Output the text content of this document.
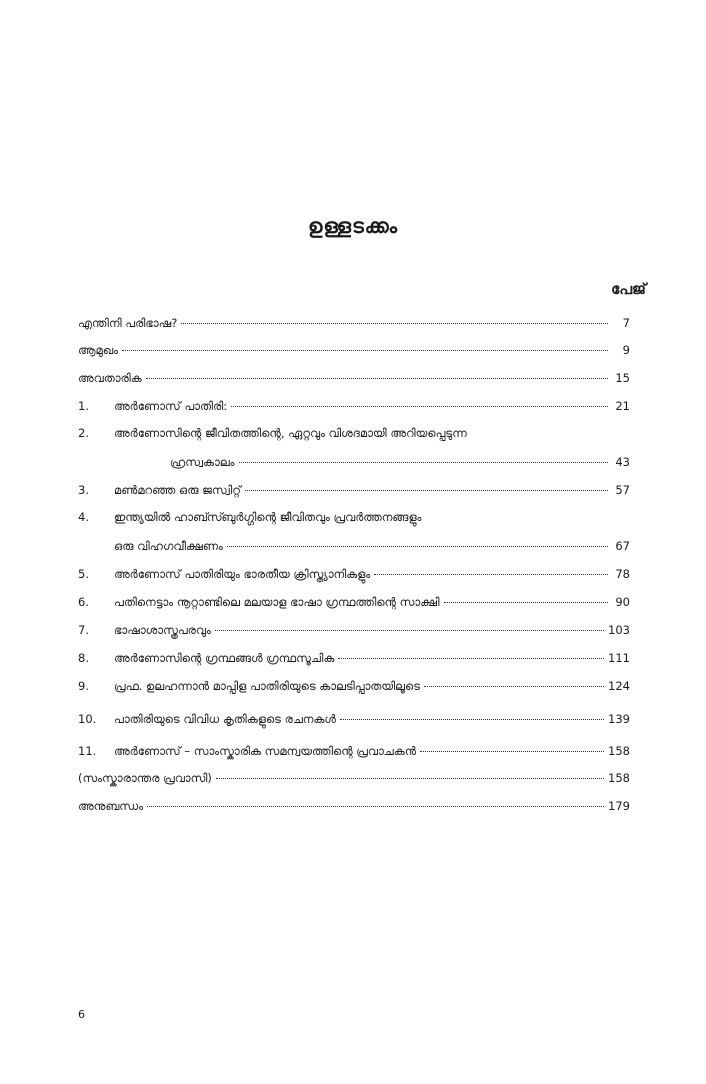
ഉള്ളടക്കം
പേജ്
എന്തിനി പരിഭാഷ?	7
ആമുഖം	9
അവതാരിക	15
1.	അർണോസ് പാതിരി:	21
2.	അർണോസിന്റെ ജീവിതത്തിന്റെ, ഏറ്റവും വിശദമായി അറിയപ്പെടുന്ന
ഹ്രസ്വകാലം	43
3.	മൺമറഞ്ഞ ഒരു ജസ്വിറ്റ്	57
4.	ഇന്ത്യയിൽ ഹാബ്സ്ബുർഗ്ഗിന്റെ ജീവിതവും പ്രവർത്തനങ്ങളും
ഒരു വിഹഗവീക്ഷണം	67
5.	അർണോസ് പാതിരിയും ഭാരതീയ ക്രിസ്ത്യാനികളും	78
6.	പതിനെട്ടാം നൂറ്റാണ്ടിലെ മലയാള ഭാഷാ ഗ്രന്ഥത്തിന്റെ സാക്ഷി	90
7.	ഭാഷാശാസ്ത്രപരവും	103
8.	അർണോസിന്റെ ഗ്രന്ഥങ്ങൾ ഗ്രന്ഥസൂചിക	111
9.	പ്രഫ. ഉലഹന്നാൻ മാപ്പിള പാതിരിയുടെ കാലടിപ്പാതയിലൂടെ	124
10.	പാതിരിയുടെ വിവിധ കൃതികളുടെ രചനകൾ	139
11.	അർണോസ് – സാംസ്കാരിക സമന്വയത്തിന്റെ പ്രവാചകൻ	158
(സംസ്കാരാന്തര പ്രവാസി)	158
അനുബന്ധം	179
6
